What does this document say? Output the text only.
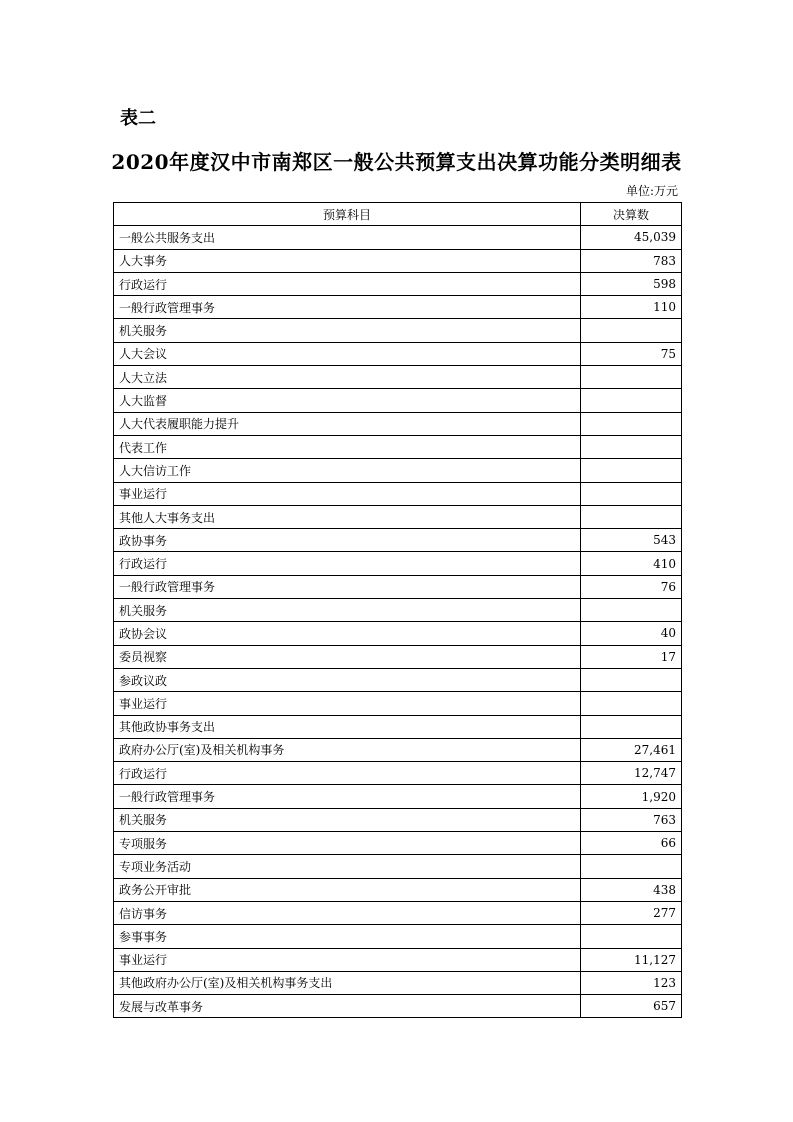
表二
2020年度汉中市南郑区一般公共预算支出决算功能分类明细表
单位:万元
预算科目	决算数
一般公共服务支出	45,039
人大事务	783
行政运行	598
一般行政管理事务	110
机关服务	
人大会议	75
人大立法	
人大监督	
人大代表履职能力提升	
代表工作	
人大信访工作	
事业运行	
其他人大事务支出	
政协事务	543
行政运行	410
一般行政管理事务	76
机关服务	
政协会议	40
委员视察	17
参政议政	
事业运行	
其他政协事务支出	
政府办公厅(室)及相关机构事务	27,461
行政运行	12,747
一般行政管理事务	1,920
机关服务	763
专项服务	66
专项业务活动	
政务公开审批	438
信访事务	277
参事事务	
事业运行	11,127
其他政府办公厅(室)及相关机构事务支出	123
发展与改革事务	657
